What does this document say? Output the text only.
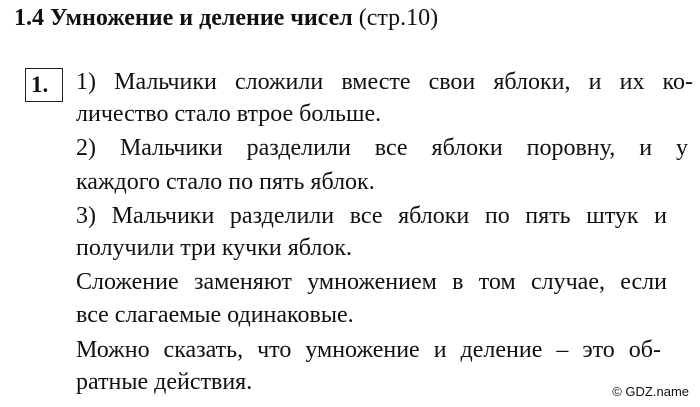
1.4 Умножение и деление чисел (стр.10)
1.	1) Мальчики сложили вместе свои яблоки, и их ко-
личество стало втрое больше.
2) Мальчики разделили все яблоки поровну, и у
каждого стало по пять яблок.
3) Мальчики разделили все яблоки по пять штук и
получили три кучки яблок.
Сложение заменяют умножением в том случае, если
все слагаемые одинаковые.
Можно сказать, что умножение и деление – это об-
ратные действия.	© GDZ.name
